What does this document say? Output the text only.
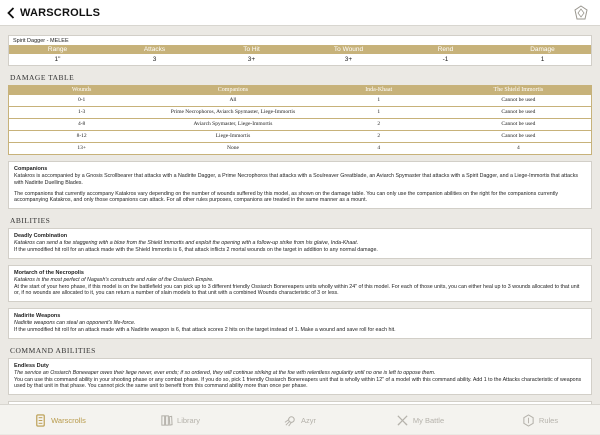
WARSCROLLS
Spirit Dagger - MELEE
Range	Attacks	To Hit	To Wound	Rend	Damage
1"	3	3+	3+	-1	1
DAMAGE TABLE
Wounds	Companions	Inda-Khaat	The Shield Immortis
0-1	All	1	Cannot be used
1-3	Prime Necrophoros, Aviarch Spymaster, Liege-Immortis	1	Cannot be used
4-8	Aviarch Spymaster, Liege-Immortis	2	Cannot be used
8-12	Liege-Immortis	2	Cannot be used
13+	None	4	4
Companions
Katakros is accompanied by a Gnosis Scrollbearer that attacks with a Nadirite Dagger, a Prime Necrophoros that attacks with a Soulreaver Greatblade, an Aviarch Spymaster that attacks with a Spirit Dagger, and a Liege-Immortis that attacks with Nadirite Duelling Blades.
The companions that currently accompany Katakros vary depending on the number of wounds suffered by this model, as shown on the damage table. You can only use the companion abilities on the right for the companions currently accompanying Katakros, and only those companions can attack. For all other rules purposes, companions are treated in the same manner as a mount.
ABILITIES
Deadly Combination
Katakros can send a foe staggering with a blow from the Shield Immortis and exploit the opening with a follow-up strike from his glaive, Inda-Khaat.
If the unmodified hit roll for an attack made with the Shield Immortis is 6, that attack inflicts 2 mortal wounds on the target in addition to any normal damage.
Mortarch of the Necropolis
Katakros is the most perfect of Nagash's constructs and ruler of the Ossiarch Empire.
At the start of your hero phase, if this model is on the battlefield you can pick up to 3 different friendly Ossiarch Bonereapers units wholly within 24" of this model. For each of those units, you can either heal up to 3 wounds allocated to that unit or, if no wounds are allocated to it, you can return a number of slain models to that unit with a combined Wounds characteristic of 3 or less.
Nadirite Weapons
Nadirite weapons can steal an opponent's life-force.
If the unmodified hit roll for an attack made with a Nadirite weapon is 6, that attack scores 2 hits on the target instead of 1. Make a wound and save roll for each hit.
COMMAND ABILITIES
Endless Duty
The service an Ossiarch Boneeaper owes their liege never, ever ends; if so ordered, they will continue striking at the foe with relentless regularity until no one is left to oppose them.
You can use this command ability in your shooting phase or any combat phase. If you do so, pick 1 friendly Ossiarch Bonereapers unit that is wholly within 12" of a model with this command ability. Add 1 to the Attacks characteristic of weapons used by that unit in that phase. You cannot pick the same unit to benefit from this command ability more than once per phase.
Warscrolls	Library	Azyr	My Battle	Rules
